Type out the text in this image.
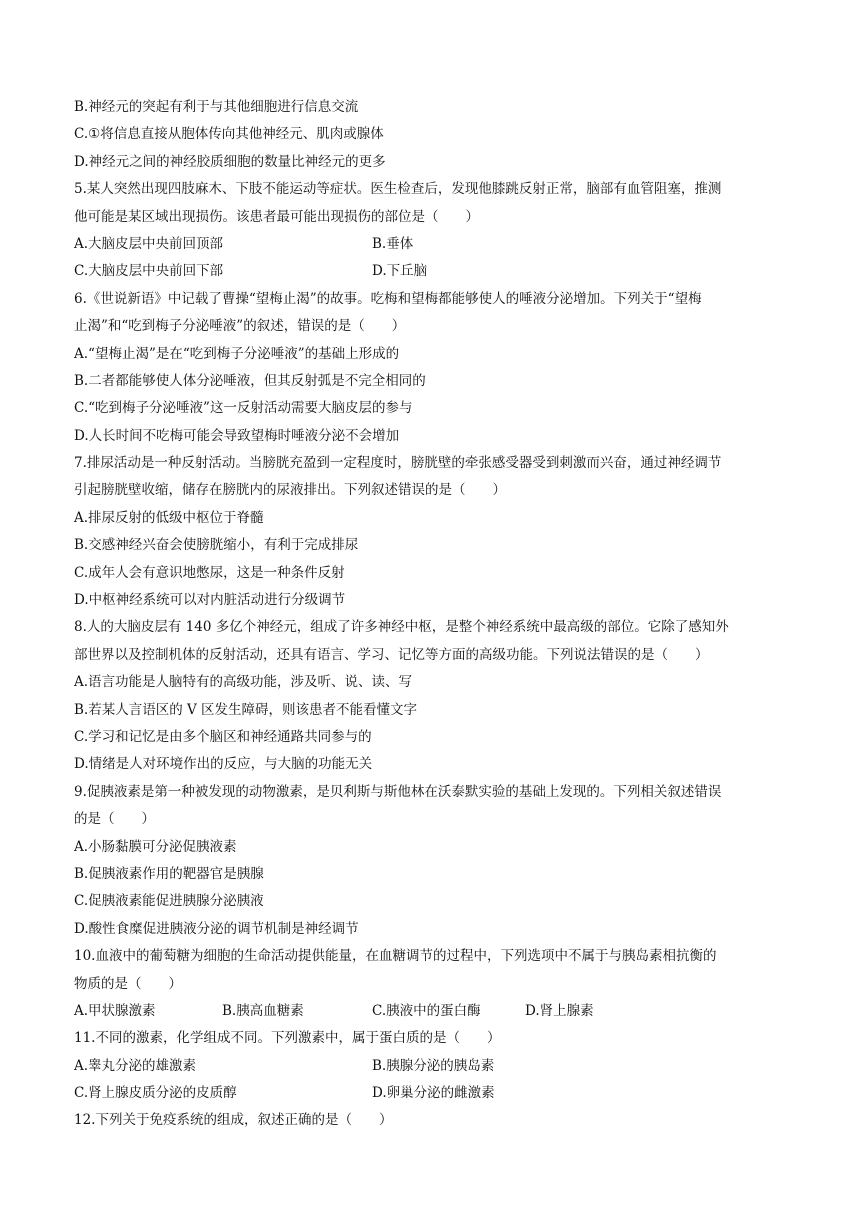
B.神经元的突起有利于与其他细胞进行信息交流
C.①将信息直接从胞体传向其他神经元、肌肉或腺体
D.神经元之间的神经胶质细胞的数量比神经元的更多
5.某人突然出现四肢麻木、下肢不能运动等症状。医生检查后，发现他膝跳反射正常，脑部有血管阻塞，推测
他可能是某区域出现损伤。该患者最可能出现损伤的部位是（　　）
A.大脑皮层中央前回顶部	B.垂体
C.大脑皮层中央前回下部	D.下丘脑
6.《世说新语》中记载了曹操“望梅止渴”的故事。吃梅和望梅都能够使人的唾液分泌增加。下列关于“望梅
止渴”和“吃到梅子分泌唾液”的叙述，错误的是（　　）
A.“望梅止渴”是在“吃到梅子分泌唾液”的基础上形成的
B.二者都能够使人体分泌唾液，但其反射弧是不完全相同的
C.“吃到梅子分泌唾液”这一反射活动需要大脑皮层的参与
D.人长时间不吃梅可能会导致望梅时唾液分泌不会增加
7.排尿活动是一种反射活动。当膀胱充盈到一定程度时，膀胱壁的牵张感受器受到刺激而兴奋，通过神经调节
引起膀胱壁收缩，储存在膀胱内的尿液排出。下列叙述错误的是（　　）
A.排尿反射的低级中枢位于脊髓
B.交感神经兴奋会使膀胱缩小，有利于完成排尿
C.成年人会有意识地憋尿，这是一种条件反射
D.中枢神经系统可以对内脏活动进行分级调节
8.人的大脑皮层有 140 多亿个神经元，组成了许多神经中枢，是整个神经系统中最高级的部位。它除了感知外
部世界以及控制机体的反射活动，还具有语言、学习、记忆等方面的高级功能。下列说法错误的是（　　）
A.语言功能是人脑特有的高级功能，涉及听、说、读、写
B.若某人言语区的 V 区发生障碍，则该患者不能看懂文字
C.学习和记忆是由多个脑区和神经通路共同参与的
D.情绪是人对环境作出的反应，与大脑的功能无关
9.促胰液素是第一种被发现的动物激素，是贝利斯与斯他林在沃泰默实验的基础上发现的。下列相关叙述错误
的是（　　）
A.小肠黏膜可分泌促胰液素
B.促胰液素作用的靶器官是胰腺
C.促胰液素能促进胰腺分泌胰液
D.酸性食糜促进胰液分泌的调节机制是神经调节
10.血液中的葡萄糖为细胞的生命活动提供能量，在血糖调节的过程中，下列选项中不属于与胰岛素相抗衡的
物质的是（　　）
A.甲状腺激素	B.胰高血糖素	C.胰液中的蛋白酶	D.肾上腺素
11.不同的激素，化学组成不同。下列激素中，属于蛋白质的是（　　）
A.睾丸分泌的雄激素	B.胰腺分泌的胰岛素
C.肾上腺皮质分泌的皮质醇	D.卵巢分泌的雌激素
12.下列关于免疫系统的组成，叙述正确的是（　　）
